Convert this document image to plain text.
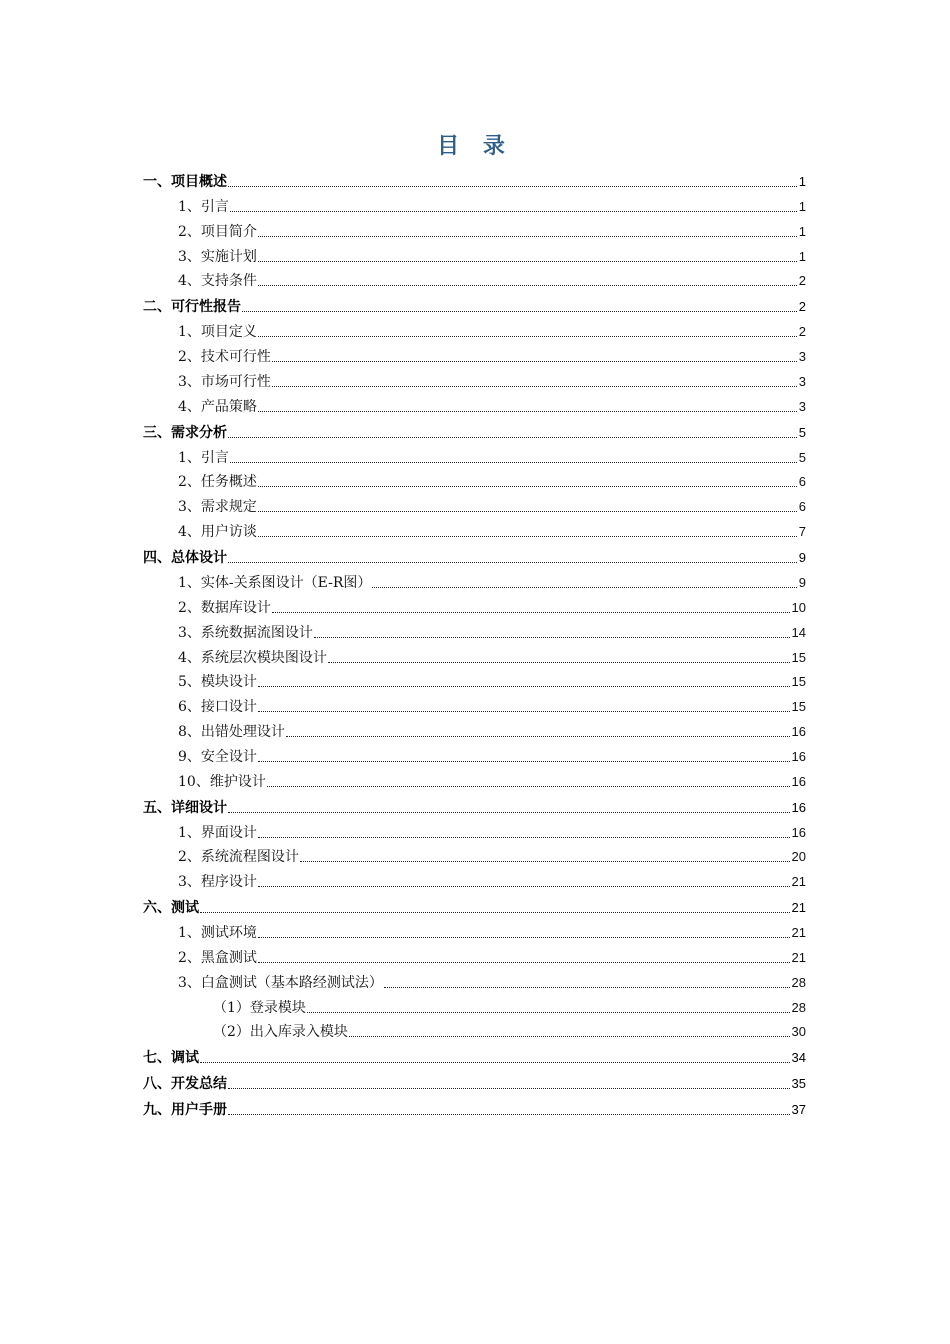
目 录
一、项目概述	1
1、引言	1
2、项目简介	1
3、实施计划	1
4、支持条件	2
二、可行性报告	2
1、项目定义	2
2、技术可行性	3
3、市场可行性	3
4、产品策略	3
三、需求分析	5
1、引言	5
2、任务概述	6
3、需求规定	6
4、用户访谈	7
四、总体设计	9
1、实体-关系图设计（E-R图）	9
2、数据库设计	10
3、系统数据流图设计	14
4、系统层次模块图设计	15
5、模块设计	15
6、接口设计	15
8、出错处理设计	16
9、安全设计	16
10、维护设计	16
五、详细设计	16
1、界面设计	16
2、系统流程图设计	20
3、程序设计	21
六、测试	21
1、测试环境	21
2、黑盒测试	21
3、白盒测试（基本路经测试法）	28
（1）登录模块	28
（2）出入库录入模块	30
七、调试	34
八、开发总结	35
九、用户手册	37
